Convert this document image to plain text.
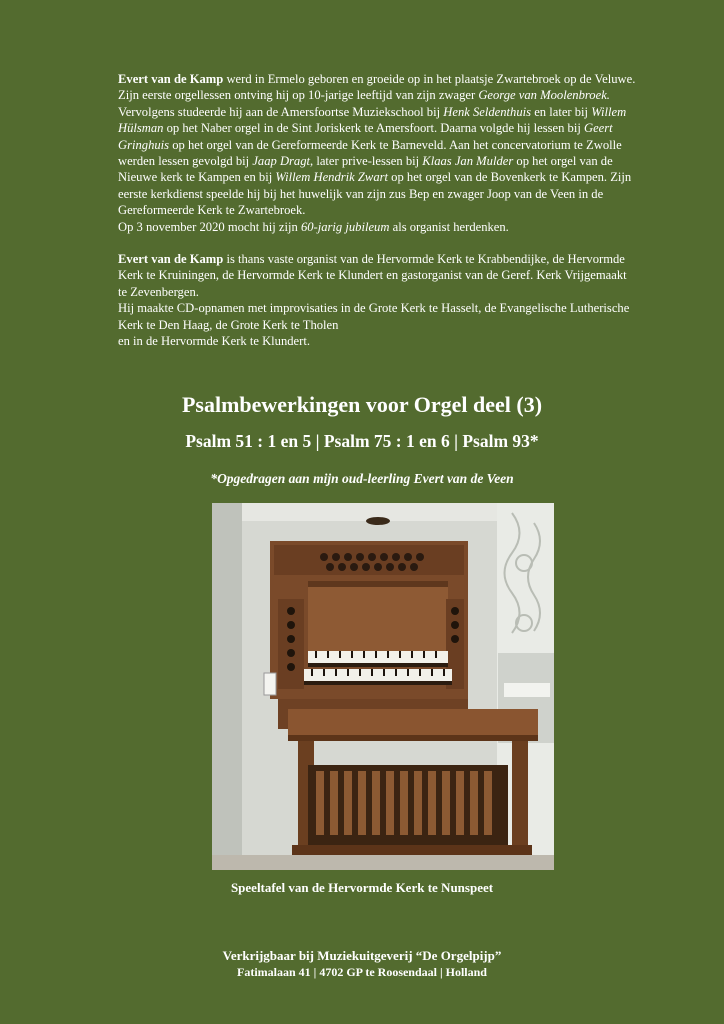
Evert van de Kamp werd in Ermelo geboren en groeide op in het plaatsje Zwartebroek op de Veluwe. Zijn eerste orgellessen ontving hij op 10-jarige leeftijd van zijn zwager George van Moolenbroek. Vervolgens studeerde hij aan de Amersfoortse Muziekschool bij Henk Seldenthuis en later bij Willem Hülsman op het Naber orgel in de Sint Joriskerk te Amersfoort. Daarna volgde hij lessen bij Geert Gringhuis op het orgel van de Gereformeerde Kerk te Barneveld. Aan het concervatorium te Zwolle werden lessen gevolgd bij Jaap Dragt, later prive-lessen bij Klaas Jan Mulder op het orgel van de Nieuwe kerk te Kampen en bij Willem Hendrik Zwart op het orgel van de Bovenkerk te Kampen. Zijn eerste kerkdienst speelde hij bij het huwelijk van zijn zus Bep en zwager Joop van de Veen in de Gereformeerde Kerk te Zwartebroek.
Op 3 november 2020 mocht hij zijn 60-jarig jubileum als organist herdenken.

Evert van de Kamp is thans vaste organist van de Hervormde Kerk te Krabbendijke, de Hervormde Kerk te Kruiningen, de Hervormde Kerk te Klundert en gastorganist van de Geref. Kerk Vrijgemaakt te Zevenbergen.
Hij maakte CD-opnamen met improvisaties in de Grote Kerk te Hasselt, de Evangelische Lutherische Kerk te Den Haag, de Grote Kerk te Tholen
en in de Hervormde Kerk te Klundert.

Psalmbewerkingen voor Orgel deel (3)
Psalm 51 : 1 en 5 | Psalm 75 : 1 en 6 | Psalm 93*
*Opgedragen aan mijn oud-leerling Evert van de Veen
Speeltafel van de Hervormde Kerk te Nunspeet
Verkrijgbaar bij Muziekuitgeverij “De Orgelpijp”
Fatimalaan 41 | 4702 GP te Roosendaal | Holland
